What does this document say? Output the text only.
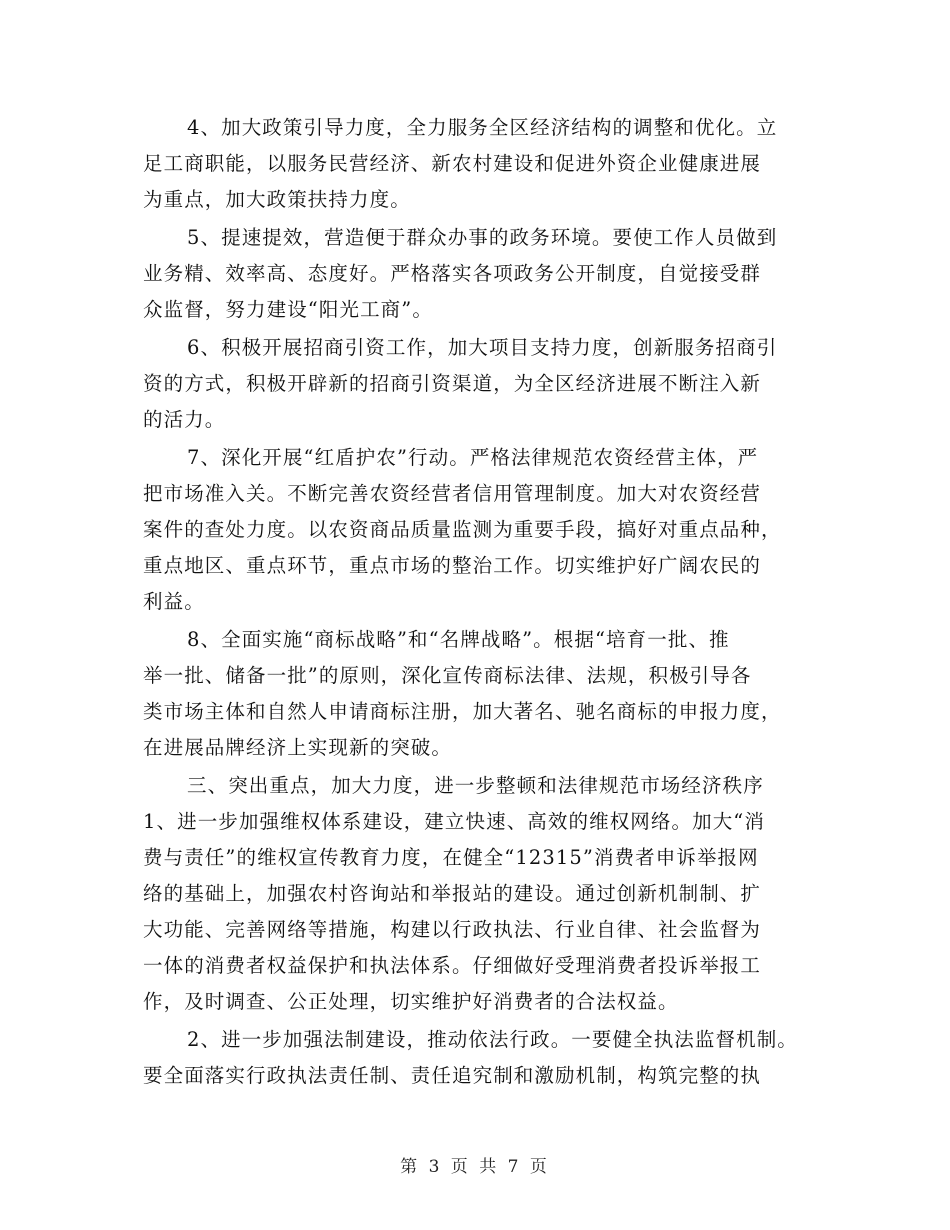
4、加大政策引导力度，全力服务全区经济结构的调整和优化。立
足工商职能，以服务民营经济、新农村建设和促进外资企业健康进展
为重点，加大政策扶持力度。
5、提速提效，营造便于群众办事的政务环境。要使工作人员做到
业务精、效率高、态度好。严格落实各项政务公开制度，自觉接受群
众监督，努力建设“阳光工商”。
6、积极开展招商引资工作，加大项目支持力度，创新服务招商引
资的方式，积极开辟新的招商引资渠道，为全区经济进展不断注入新
的活力。
7、深化开展“红盾护农”行动。严格法律规范农资经营主体，严
把市场准入关。不断完善农资经营者信用管理制度。加大对农资经营
案件的查处力度。以农资商品质量监测为重要手段，搞好对重点品种，
重点地区、重点环节，重点市场的整治工作。切实维护好广阔农民的
利益。
8、全面实施“商标战略”和“名牌战略”。根据“培育一批、推
举一批、储备一批”的原则，深化宣传商标法律、法规，积极引导各
类市场主体和自然人申请商标注册，加大著名、驰名商标的申报力度，
在进展品牌经济上实现新的突破。
三、突出重点，加大力度，进一步整顿和法律规范市场经济秩序
1、进一步加强维权体系建设，建立快速、高效的维权网络。加大“消
费与责任”的维权宣传教育力度，在健全“12315”消费者申诉举报网
络的基础上，加强农村咨询站和举报站的建设。通过创新机制制、扩
大功能、完善网络等措施，构建以行政执法、行业自律、社会监督为
一体的消费者权益保护和执法体系。仔细做好受理消费者投诉举报工
作，及时调查、公正处理，切实维护好消费者的合法权益。
2、进一步加强法制建设，推动依法行政。一要健全执法监督机制。
要全面落实行政执法责任制、责任追究制和激励机制，构筑完整的执
第 3 页 共 7 页
